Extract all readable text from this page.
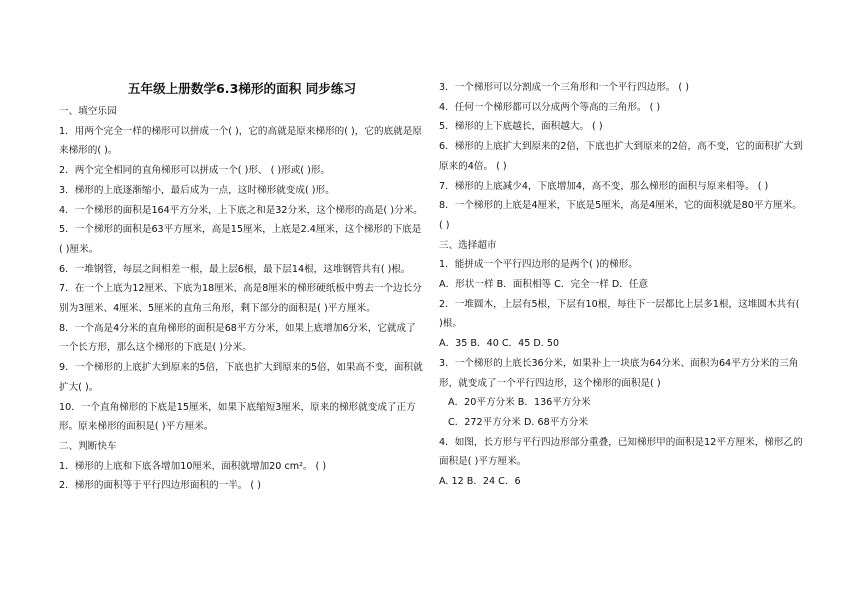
五年级上册数学6.3梯形的面积 同步练习
一、填空乐园
1．用两个完全一样的梯形可以拼成一个( )，它的高就是原来梯形的( )，它的底就是原来梯形的( )。
2．两个完全相同的直角梯形可以拼成一个( )形、 ( )形或( )形。
3．梯形的上底逐渐缩小，最后成为一点，这时梯形就变成( )形。
4．一个梯形的面积是164平方分米，上下底之和是32分米，这个梯形的高是( )分米。
5．一个梯形的面积是63平方厘米，高是15厘米，上底是2.4厘米，这个梯形的下底是( )厘米。
6．一堆钢管，每层之间相差一根，最上层6根，最下层14根，这堆钢管共有( )根。
7．在一个上底为12厘米、下底为18厘米、高是8厘米的梯形硬纸板中剪去一个边长分别为3厘米、4厘米、5厘米的直角三角形，剩下部分的面积是( )平方厘米。
8．一个高是4分米的直角梯形的面积是68平方分米，如果上底增加6分米，它就成了一个长方形，那么这个梯形的下底是( )分米。
9．一个梯形的上底扩大到原来的5倍，下底也扩大到原来的5倍，如果高不变，面积就扩大( )。
10．一个直角梯形的下底是15厘米，如果下底缩短3厘米，原来的梯形就变成了正方形。原来梯形的面积是( )平方厘米。
二、判断快车
1．梯形的上底和下底各增加10厘米，面积就增加20 cm²。 ( )
2．梯形的面积等于平行四边形面积的一半。 ( )
3．一个梯形可以分割成一个三角形和一个平行四边形。 ( )
4．任何一个梯形都可以分成两个等高的三角形。 ( )
5．梯形的上下底越长，面积越大。 ( )
6．梯形的上底扩大到原来的2倍，下底也扩大到原来的2倍，高不变，它的面积扩大到原来的4倍。 ( )
7．梯形的上底减少4，下底增加4，高不变，那么梯形的面积与原来相等。 ( )
8．一个梯形的上底是4厘米，下底是5厘米，高是4厘米，它的面积就是80平方厘米。 ( )
三、选择超市
1．能拼成一个平行四边形的是两个( )的梯形。
A．形状一样 B．面积相等 C．完全一样 D．任意
2．一堆圆木，上层有5根，下层有10根，每往下一层都比上层多1根，这堆圆木共有( )根。
A．35 B．40 C．45 D. 50
3．一个梯形的上底长36分米，如果补上一块底为64分米、面积为64平方分米的三角形，就变成了一个平行四边形，这个梯形的面积是( )
A．20平方分米 B．136平方分米
C．272平方分米 D. 68平方分米
4．如图，长方形与平行四边形部分重叠，已知梯形甲的面积是12平方厘米，梯形乙的面积是( )平方厘米。
A. 12 B．24 C．6
